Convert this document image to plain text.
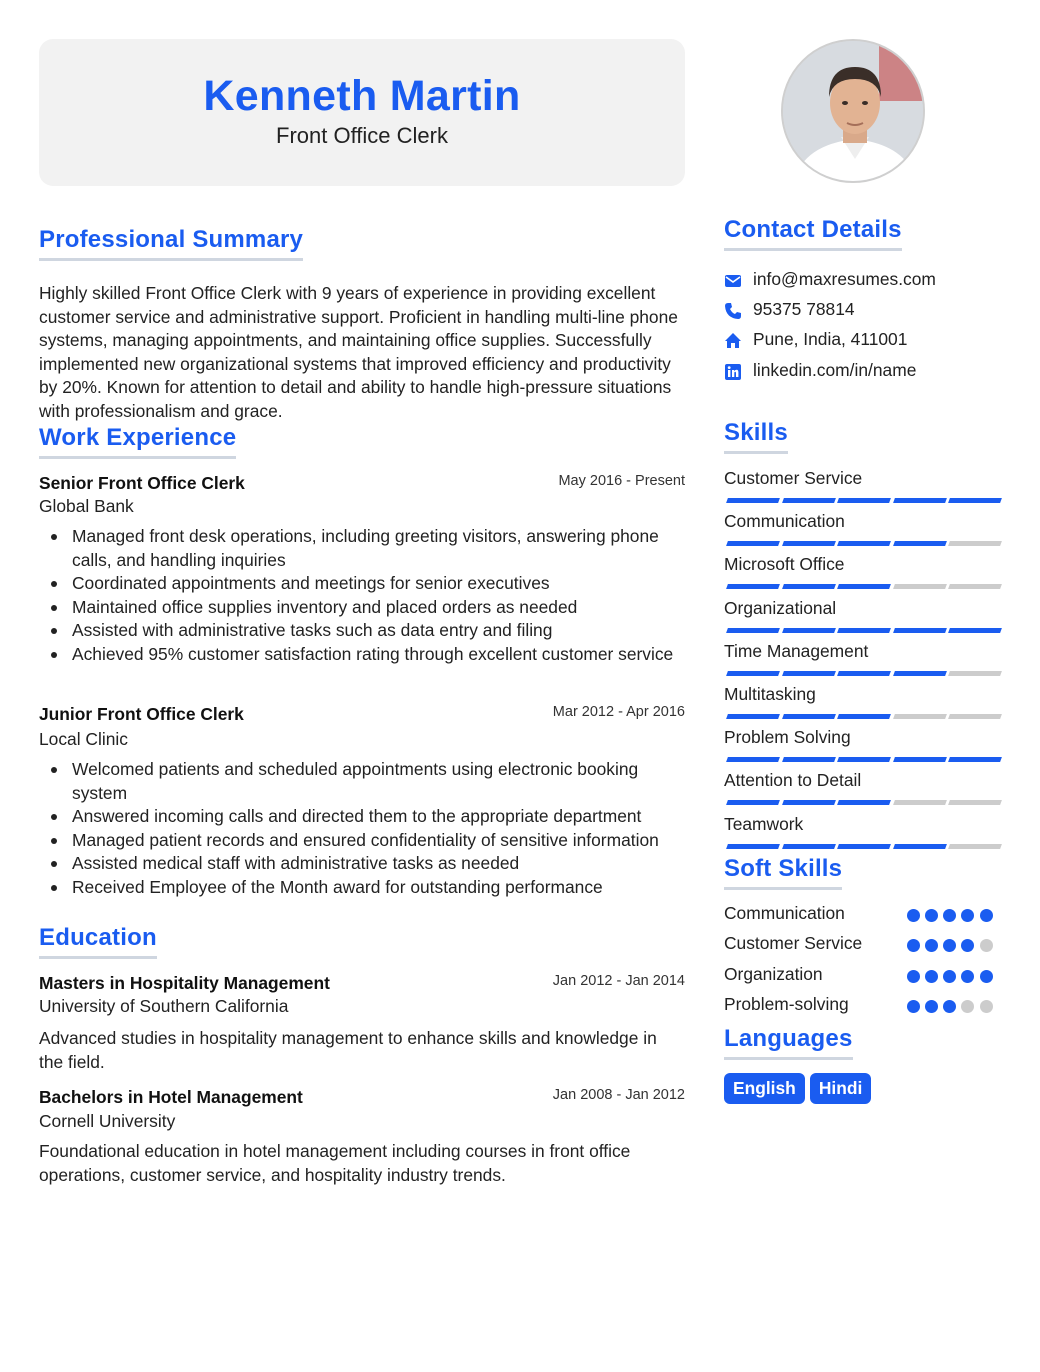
Kenneth Martin
Front Office Clerk
Professional Summary
Highly skilled Front Office Clerk with 9 years of experience in providing excellent customer service and administrative support. Proficient in handling multi-line phone systems, managing appointments, and maintaining office supplies. Successfully implemented new organizational systems that improved efficiency and productivity by 20%. Known for attention to detail and ability to handle high-pressure situations with professionalism and grace.
Work Experience
Senior Front Office Clerk	May 2016 - Present
Global Bank
Managed front desk operations, including greeting visitors, answering phone calls, and handling inquiries
Coordinated appointments and meetings for senior executives
Maintained office supplies inventory and placed orders as needed
Assisted with administrative tasks such as data entry and filing
Achieved 95% customer satisfaction rating through excellent customer service
Junior Front Office Clerk	Mar 2012 - Apr 2016
Local Clinic
Welcomed patients and scheduled appointments using electronic booking system
Answered incoming calls and directed them to the appropriate department
Managed patient records and ensured confidentiality of sensitive information
Assisted medical staff with administrative tasks as needed
Received Employee of the Month award for outstanding performance
Education
Masters in Hospitality Management	Jan 2012 - Jan 2014
University of Southern California
Advanced studies in hospitality management to enhance skills and knowledge in the field.
Bachelors in Hotel Management	Jan 2008 - Jan 2012
Cornell University
Foundational education in hotel management including courses in front office operations, customer service, and hospitality industry trends.
Contact Details
info@maxresumes.com
95375 78814
Pune, India, 411001
linkedin.com/in/name
Skills
Customer Service
Communication
Microsoft Office
Organizational
Time Management
Multitasking
Problem Solving
Attention to Detail
Teamwork
Soft Skills
Communication
Customer Service
Organization
Problem-solving
Languages
English Hindi
